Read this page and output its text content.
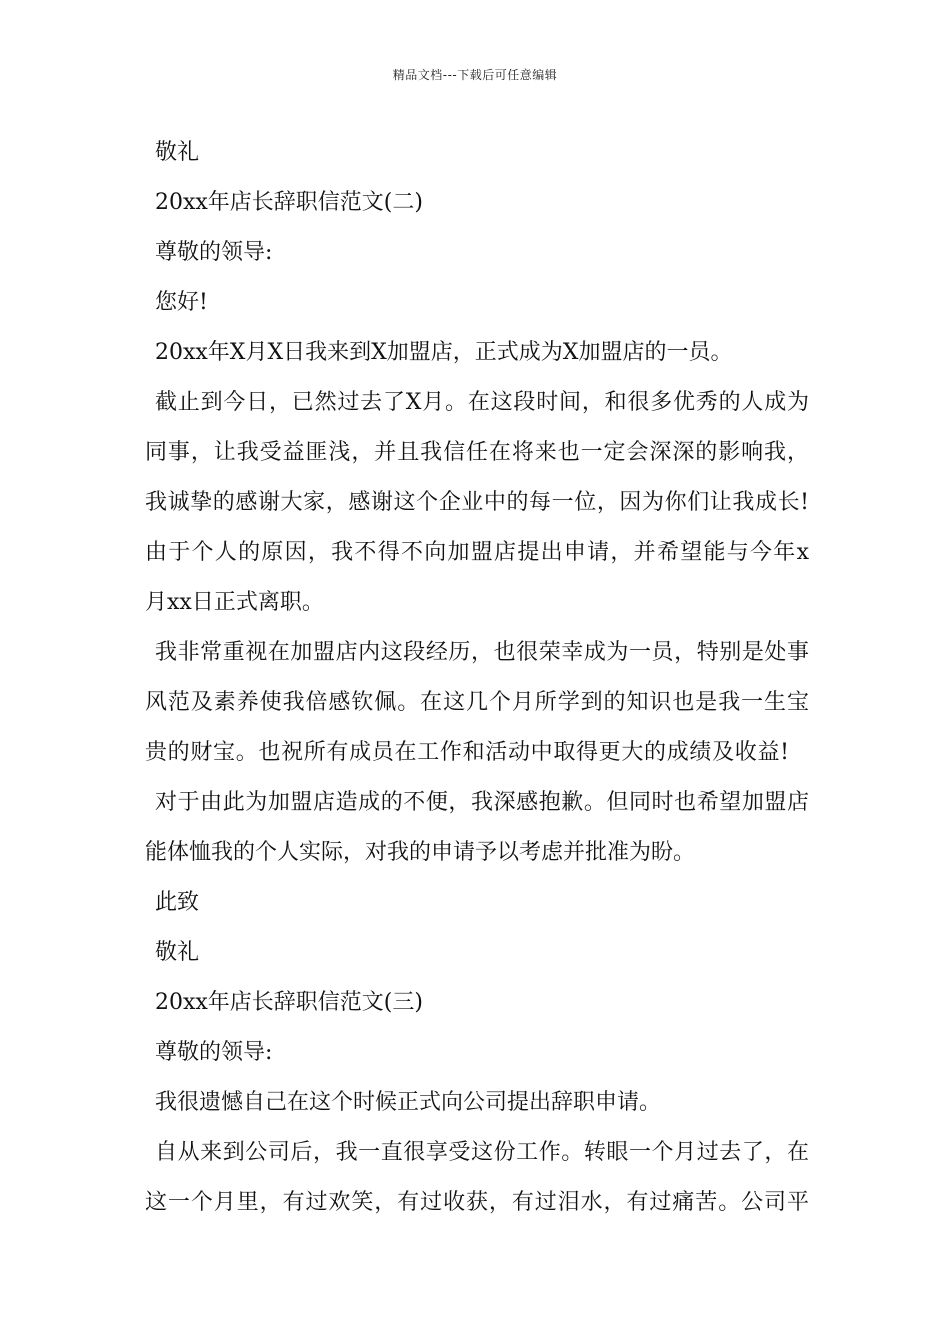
精品文档---下载后可任意编辑
敬礼
20xx年店长辞职信范文(二)
尊敬的领导:
您好!
20xx年X月X日我来到X加盟店，正式成为X加盟店的一员。
截止到今日，已然过去了X月。在这段时间，和很多优秀的人成为
同事，让我受益匪浅，并且我信任在将来也一定会深深的影响我，
我诚挚的感谢大家，感谢这个企业中的每一位，因为你们让我成长!
由于个人的原因，我不得不向加盟店提出申请，并希望能与今年x
月xx日正式离职。
我非常重视在加盟店内这段经历，也很荣幸成为一员，特别是处事
风范及素养使我倍感钦佩。在这几个月所学到的知识也是我一生宝
贵的财宝。也祝所有成员在工作和活动中取得更大的成绩及收益!
对于由此为加盟店造成的不便，我深感抱歉。但同时也希望加盟店
能体恤我的个人实际，对我的申请予以考虑并批准为盼。
此致
敬礼
20xx年店长辞职信范文(三)
尊敬的领导:
我很遗憾自己在这个时候正式向公司提出辞职申请。
自从来到公司后，我一直很享受这份工作。转眼一个月过去了，在
这一个月里，有过欢笑，有过收获，有过泪水，有过痛苦。公司平
